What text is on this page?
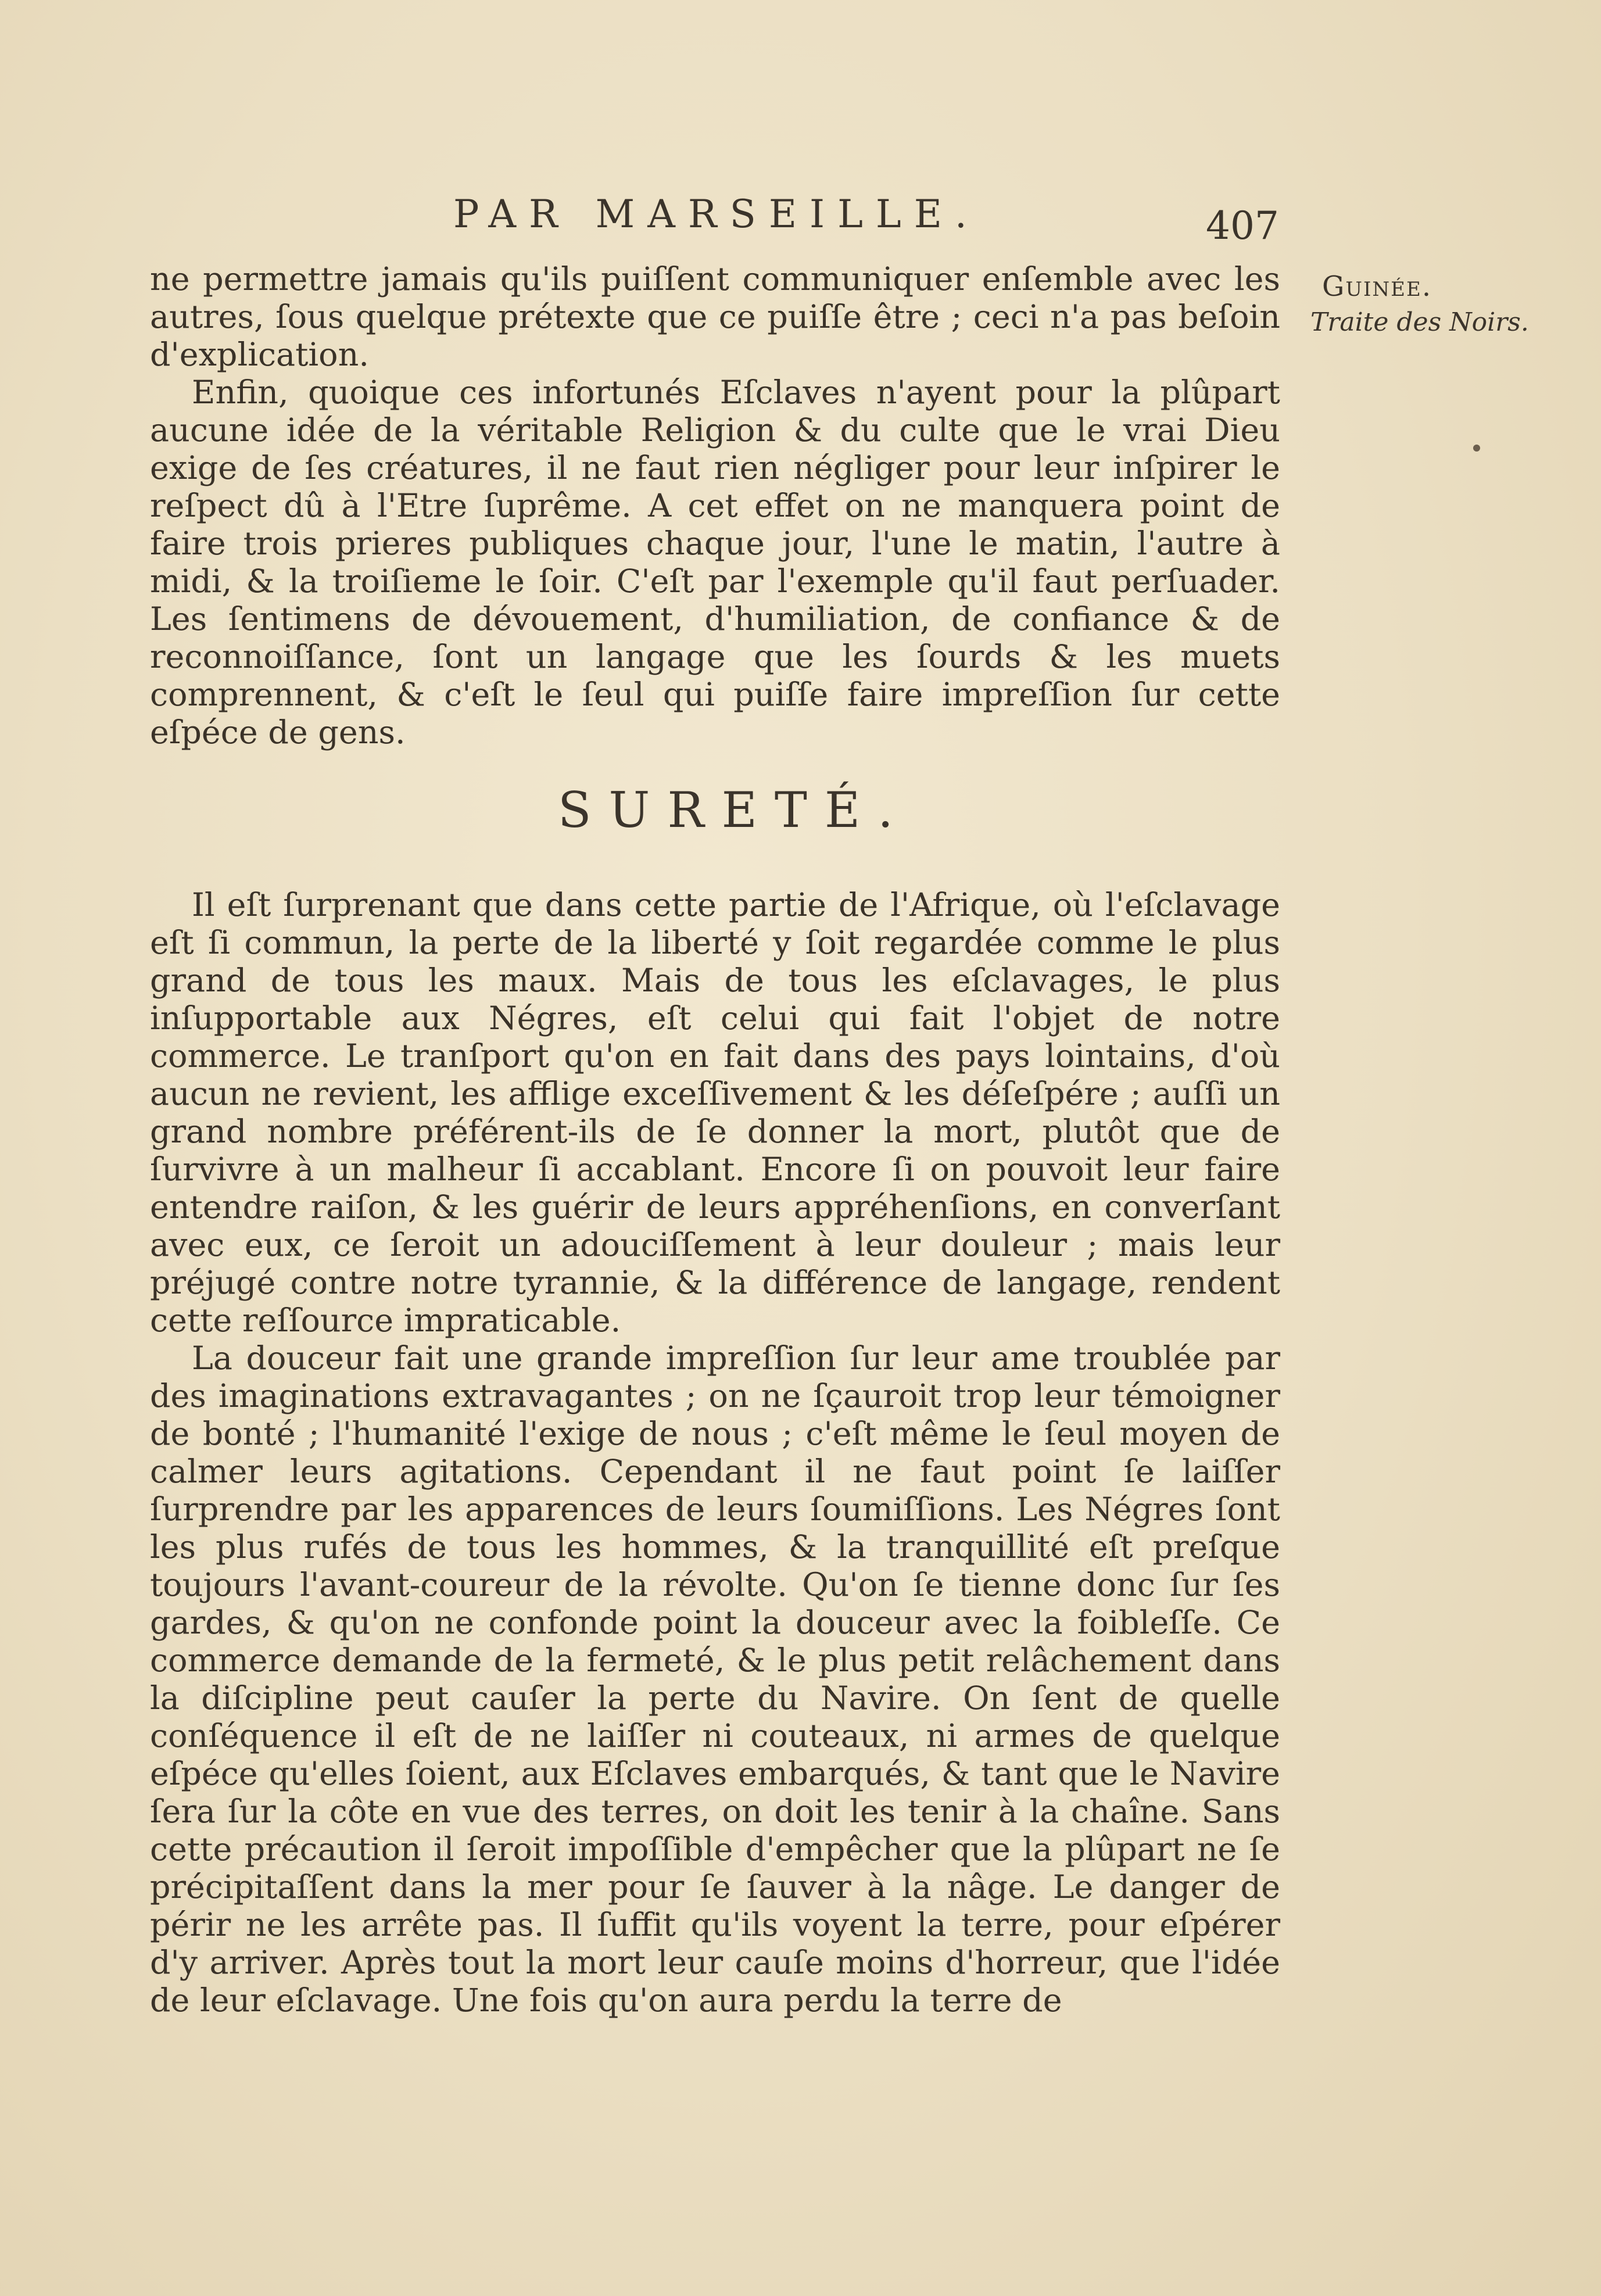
PAR MARSEILLE.	407
Guinée.
Traite des Noirs.

ne permettre jamais qu'ils puiſſent communiquer enſemble avec les autres, ſous quelque prétexte que ce puiſſe être ; ceci n'a pas beſoin d'explication.

Enfin, quoique ces infortunés Eſclaves n'ayent pour la plûpart aucune idée de la véritable Religion & du culte que le vrai Dieu exige de ſes créatures, il ne faut rien négliger pour leur inſpirer le reſpect dû à l'Etre ſuprême. A cet effet on ne manquera point de faire trois prieres publiques chaque jour, l'une le matin, l'autre à midi, & la troiſieme le ſoir. C'eſt par l'exemple qu'il faut perſuader. Les ſentimens de dévouement, d'humiliation, de confiance & de reconnoiſſance, ſont un langage que les ſourds & les muets comprennent, & c'eſt le ſeul qui puiſſe faire impreſſion ſur cette eſpéce de gens.

SURETÉ.

Il eſt ſurprenant que dans cette partie de l'Afrique, où l'eſclavage eſt ſi commun, la perte de la liberté y ſoit regardée comme le plus grand de tous les maux. Mais de tous les eſclavages, le plus inſupportable aux Négres, eſt celui qui fait l'objet de notre commerce. Le tranſport qu'on en fait dans des pays lointains, d'où aucun ne revient, les afflige exceſſivement & les déſeſpére ; auſſi un grand nombre préférent-ils de ſe donner la mort, plutôt que de ſurvivre à un malheur ſi accablant. Encore ſi on pouvoit leur faire entendre raiſon, & les guérir de leurs appréhenſions, en converſant avec eux, ce ſeroit un adouciſſement à leur douleur ; mais leur préjugé contre notre tyrannie, & la différence de langage, rendent cette reſſource impraticable.

La douceur fait une grande impreſſion ſur leur ame troublée par des imaginations extravagantes ; on ne ſçauroit trop leur témoigner de bonté ; l'humanité l'exige de nous ; c'eſt même le ſeul moyen de calmer leurs agitations. Cependant il ne faut point ſe laiſſer ſurprendre par les apparences de leurs ſoumiſſions. Les Négres ſont les plus rufés de tous les hommes, & la tranquillité eſt preſque toujours l'avant-coureur de la révolte. Qu'on ſe tienne donc ſur ſes gardes, & qu'on ne confonde point la douceur avec la foibleſſe. Ce commerce demande de la fermeté, & le plus petit relâchement dans la diſcipline peut cauſer la perte du Navire. On ſent de quelle conſéquence il eſt de ne laiſſer ni couteaux, ni armes de quelque eſpéce qu'elles ſoient, aux Eſclaves embarqués, & tant que le Navire ſera ſur la côte en vue des terres, on doit les tenir à la chaîne. Sans cette précaution il ſeroit impoſſible d'empêcher que la plûpart ne ſe précipitaſſent dans la mer pour ſe ſauver à la nâge. Le danger de périr ne les arrête pas. Il ſuffit qu'ils voyent la terre, pour eſpérer d'y arriver. Après tout la mort leur cauſe moins d'horreur, que l'idée de leur eſclavage. Une fois qu'on aura perdu la terre de
